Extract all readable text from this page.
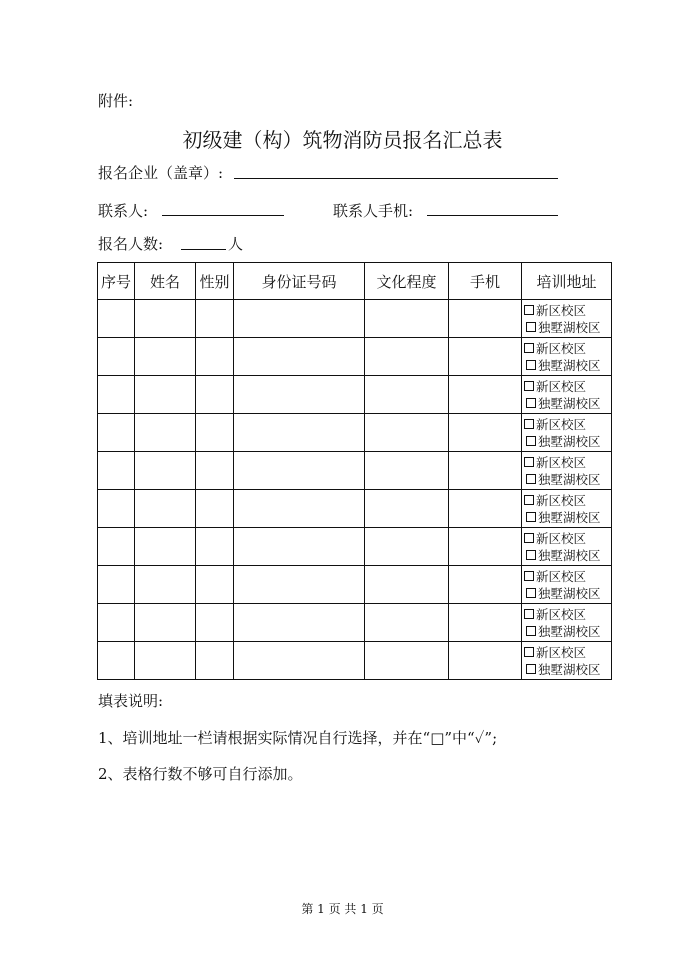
附件:
初级建（构）筑物消防员报名汇总表
报名企业（盖章）:
联系人:	联系人手机:
报名人数:	人
序号	姓名	性别	身份证号码	文化程度	手机	培训地址

						新区校区
独墅湖校区

						新区校区
独墅湖校区

						新区校区
独墅湖校区

						新区校区
独墅湖校区

						新区校区
独墅湖校区

						新区校区
独墅湖校区

						新区校区
独墅湖校区

						新区校区
独墅湖校区

						新区校区
独墅湖校区

						新区校区
独墅湖校区
填表说明:
1、培训地址一栏请根据实际情况自行选择，并在“□”中“✓”;
2、表格行数不够可自行添加。
第 1 页 共 1 页
